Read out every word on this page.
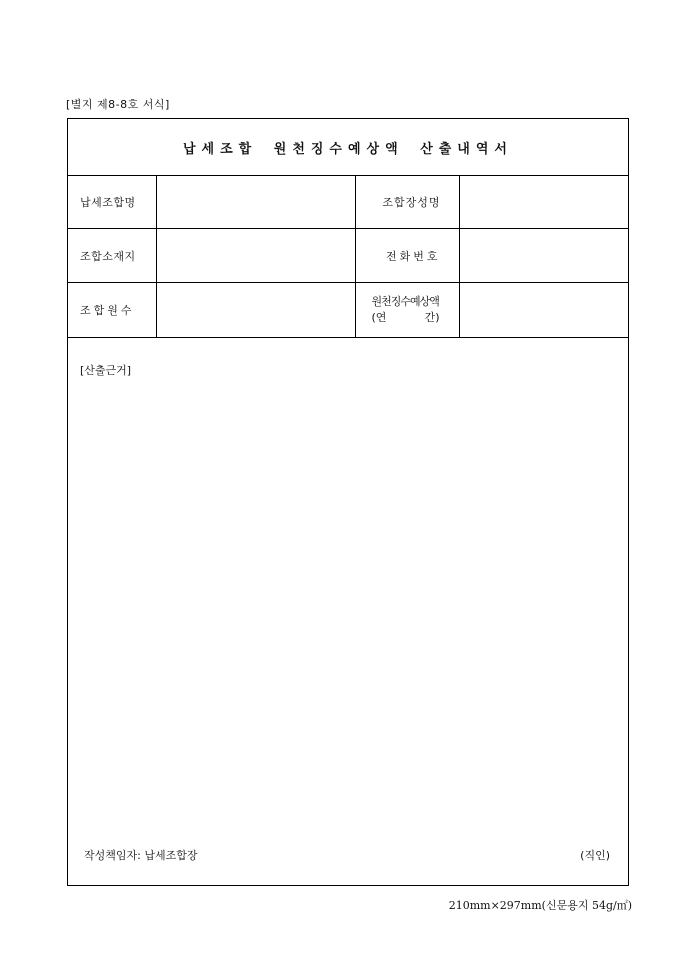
[별지 제8-8호 서식]
납세조합 원천징수예상액 산출내역서
납세조합명		조합장성명	
조합소재지		전화번호	
조합원수		원천징수예상액
(연 간)	

[산출근거]
작성책임자: 납세조합장	(직인)
210mm×297mm(신문용지 54g/㎡)
